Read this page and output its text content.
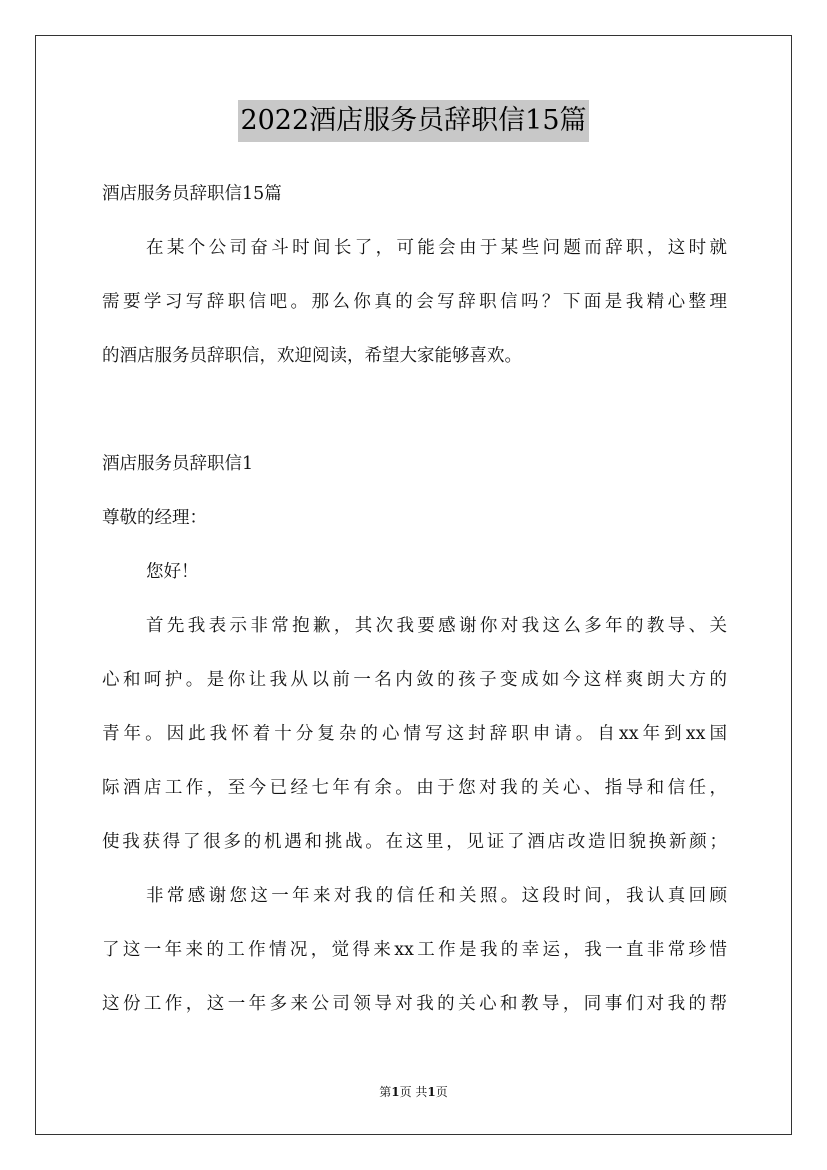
2022酒店服务员辞职信15篇
酒店服务员辞职信15篇
在某个公司奋斗时间长了，可能会由于某些问题而辞职，这时就
需要学习写辞职信吧。那么你真的会写辞职信吗？下面是我精心整理
的酒店服务员辞职信，欢迎阅读，希望大家能够喜欢。
酒店服务员辞职信1
尊敬的经理：
您好！
首先我表示非常抱歉，其次我要感谢你对我这么多年的教导、关
心和呵护。是你让我从以前一名内敛的孩子变成如今这样爽朗大方的
青年。因此我怀着十分复杂的心情写这封辞职申请。自xx年到xx国
际酒店工作，至今已经七年有余。由于您对我的关心、指导和信任，
使我获得了很多的机遇和挑战。在这里，见证了酒店改造旧貌换新颜；
非常感谢您这一年来对我的信任和关照。这段时间，我认真回顾
了这一年来的工作情况，觉得来xx工作是我的幸运，我一直非常珍惜
这份工作，这一年多来公司领导对我的关心和教导，同事们对我的帮
第1页 共1页
